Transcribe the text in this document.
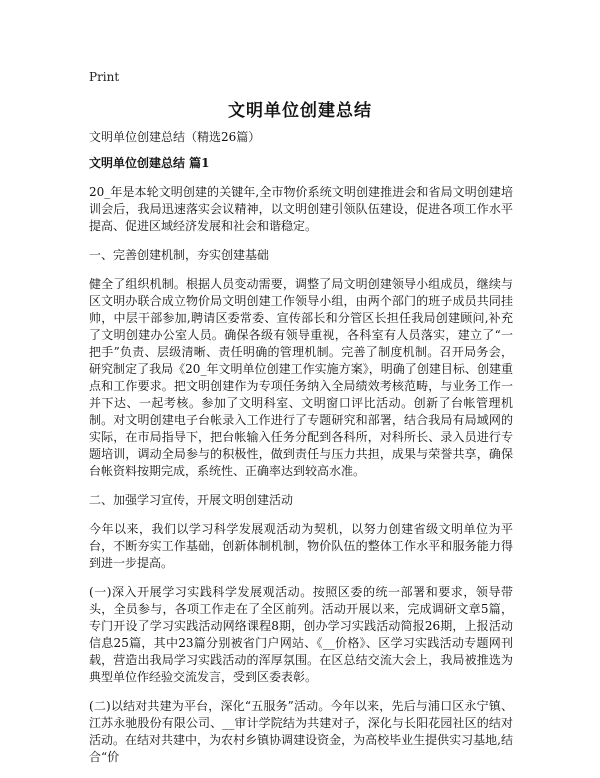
Print
文明单位创建总结

文明单位创建总结（精选26篇）

文明单位创建总结 篇1

20_年是本轮文明创建的关键年,全市物价系统文明创建推进会和省局文明创建培训会后，我局迅速落实会议精神，以文明创建引领队伍建设，促进各项工作水平提高、促进区域经济发展和社会和谐稳定。

一、完善创建机制，夯实创建基础

健全了组织机制。根据人员变动需要，调整了局文明创建领导小组成员，继续与区文明办联合成立物价局文明创建工作领导小组，由两个部门的班子成员共同挂帅，中层干部参加,聘请区委常委、宣传部长和分管区长担任我局创建顾问,补充了文明创建办公室人员。确保各级有领导重视，各科室有人员落实，建立了“一把手”负责、层级清晰、责任明确的管理机制。完善了制度机制。召开局务会，研究制定了我局《20_年文明单位创建工作实施方案》，明确了创建目标、创建重点和工作要求。把文明创建作为专项任务纳入全局绩效考核范畴，与业务工作一并下达、一起考核。参加了文明科室、文明窗口评比活动。创新了台帐管理机制。对文明创建电子台帐录入工作进行了专题研究和部署，结合我局有局域网的实际，在市局指导下，把台帐输入任务分配到各科所，对科所长、录入员进行专题培训，调动全局参与的积极性，做到责任与压力共担，成果与荣誉共享，确保台帐资料按期完成，系统性、正确率达到较高水准。

二、加强学习宣传，开展文明创建活动

今年以来，我们以学习科学发展观活动为契机，以努力创建省级文明单位为平台，不断夯实工作基础，创新体制机制，物价队伍的整体工作水平和服务能力得到进一步提高。

(一)深入开展学习实践科学发展观活动。按照区委的统一部署和要求，领导带头，全员参与，各项工作走在了全区前列。活动开展以来，完成调研文章5篇，专门开设了学习实践活动网络课程8期，创办学习实践活动简报26期，上报活动信息25篇，其中23篇分别被省门户网站、《__价格》、区学习实践活动专题网刊载，营造出我局学习实践活动的浑厚氛围。在区总结交流大会上，我局被推选为典型单位作经验交流发言，受到区委表彰。

(二)以结对共建为平台，深化“五服务”活动。今年以来，先后与浦口区永宁镇、江苏永驰股份有限公司、__审计学院结为共建对子，深化与长阳花园社区的结对活动。在结对共建中，为农村乡镇协调建设资金，为高校毕业生提供实习基地,结合“价
